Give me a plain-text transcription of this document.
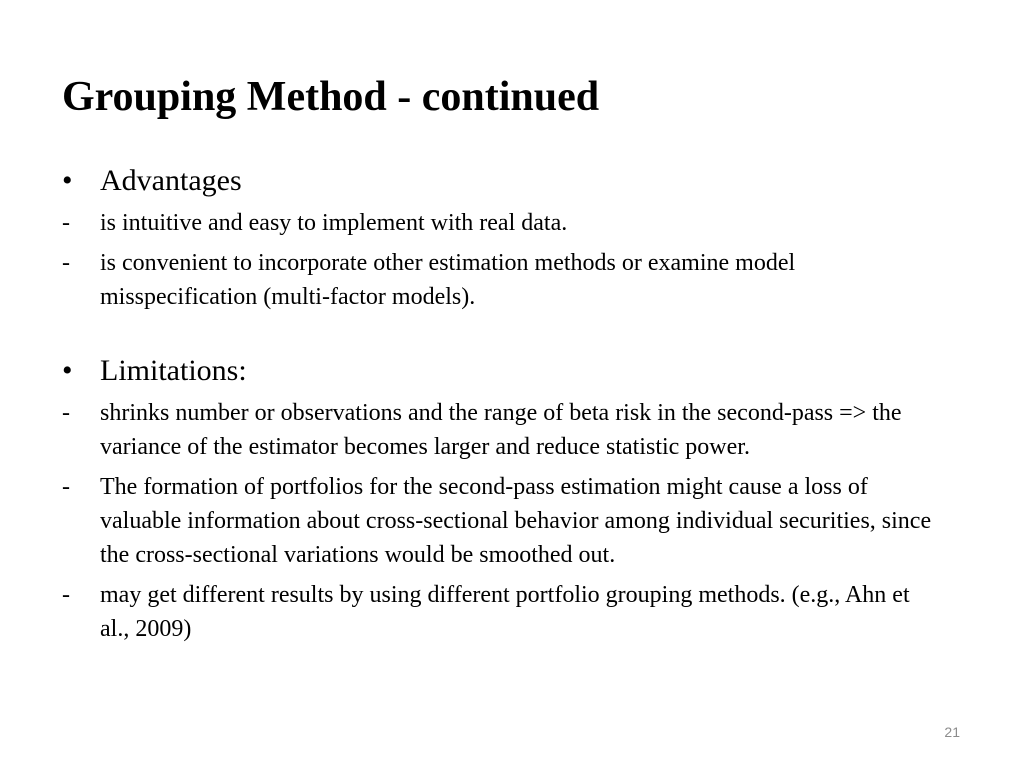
Grouping Method - continued
• Advantages
-	is intuitive and easy to implement with real data.
-	is convenient to incorporate other estimation methods or examine model misspecification (multi-factor models).
• Limitations:
-	shrinks number or observations and the range of beta risk in the second-pass => the variance of the estimator becomes larger and reduce statistic power.
-	The formation of portfolios for the second-pass estimation might cause a loss of valuable information about cross-sectional behavior among individual securities, since the cross-sectional variations would be smoothed out.
-	may get different results by using different portfolio grouping methods. (e.g., Ahn et al., 2009)
21
